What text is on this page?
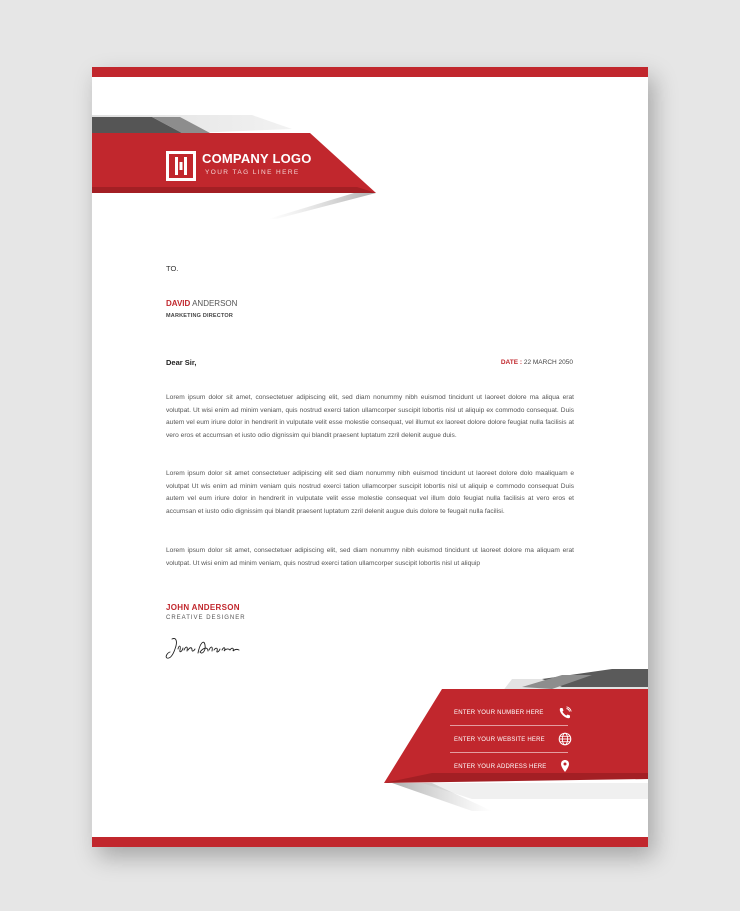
COMPANY LOGO
YOUR TAG LINE HERE
TO.
DAVID ANDERSON
MARKETING DIRECTOR
Dear Sir,	DATE : 22 MARCH 2050
Lorem ipsum dolor sit amet, consectetuer adipiscing elit, sed diam nonummy nibh euismod tincidunt ut laoreet dolore ma aliqua erat volutpat. Ut wisi enim ad minim veniam, quis nostrud exerci tation ullamcorper suscipit lobortis nisl ut aliquip ex commodo consequat. Duis autem vel eum iriure dolor in hendrerit in vulputate velit esse molestie consequat, vel illumut ex laoreet dolore dolore feugiat nulla facilisis at vero eros et accumsan et iusto odio dignissim qui blandit praesent luptatum zzril delenit augue duis.
Lorem ipsum dolor sit amet consectetuer adipiscing elit sed diam nonummy nibh euismod tincidunt ut laoreet dolore dolo maaliquam e volutpat Ut wis enim ad minim veniam quis nostrud exerci tation ullamcorper suscipit lobortis nisl ut aliquip e commodo consequat Duis autem vel eum iriure dolor in hendrerit in vulputate velit esse molestie consequat vel illum dolo feugiat nulla facilisis at vero eros et accumsan et iusto odio dignissim qui blandit praesent luptatum zzril delenit augue duis dolore te feugait nulla facilisi.
Lorem ipsum dolor sit amet, consectetuer adipiscing elit, sed diam nonummy nibh euismod tincidunt ut laoreet dolore ma aliquam erat volutpat. Ut wisi enim ad minim veniam, quis nostrud exerci tation ullamcorper suscipit lobortis nisl ut aliquip
JOHN ANDERSON
CREATIVE DESIGNER
ENTER YOUR NUMBER HERE
ENTER YOUR WEBSITE HERE
ENTER YOUR ADDRESS HERE
